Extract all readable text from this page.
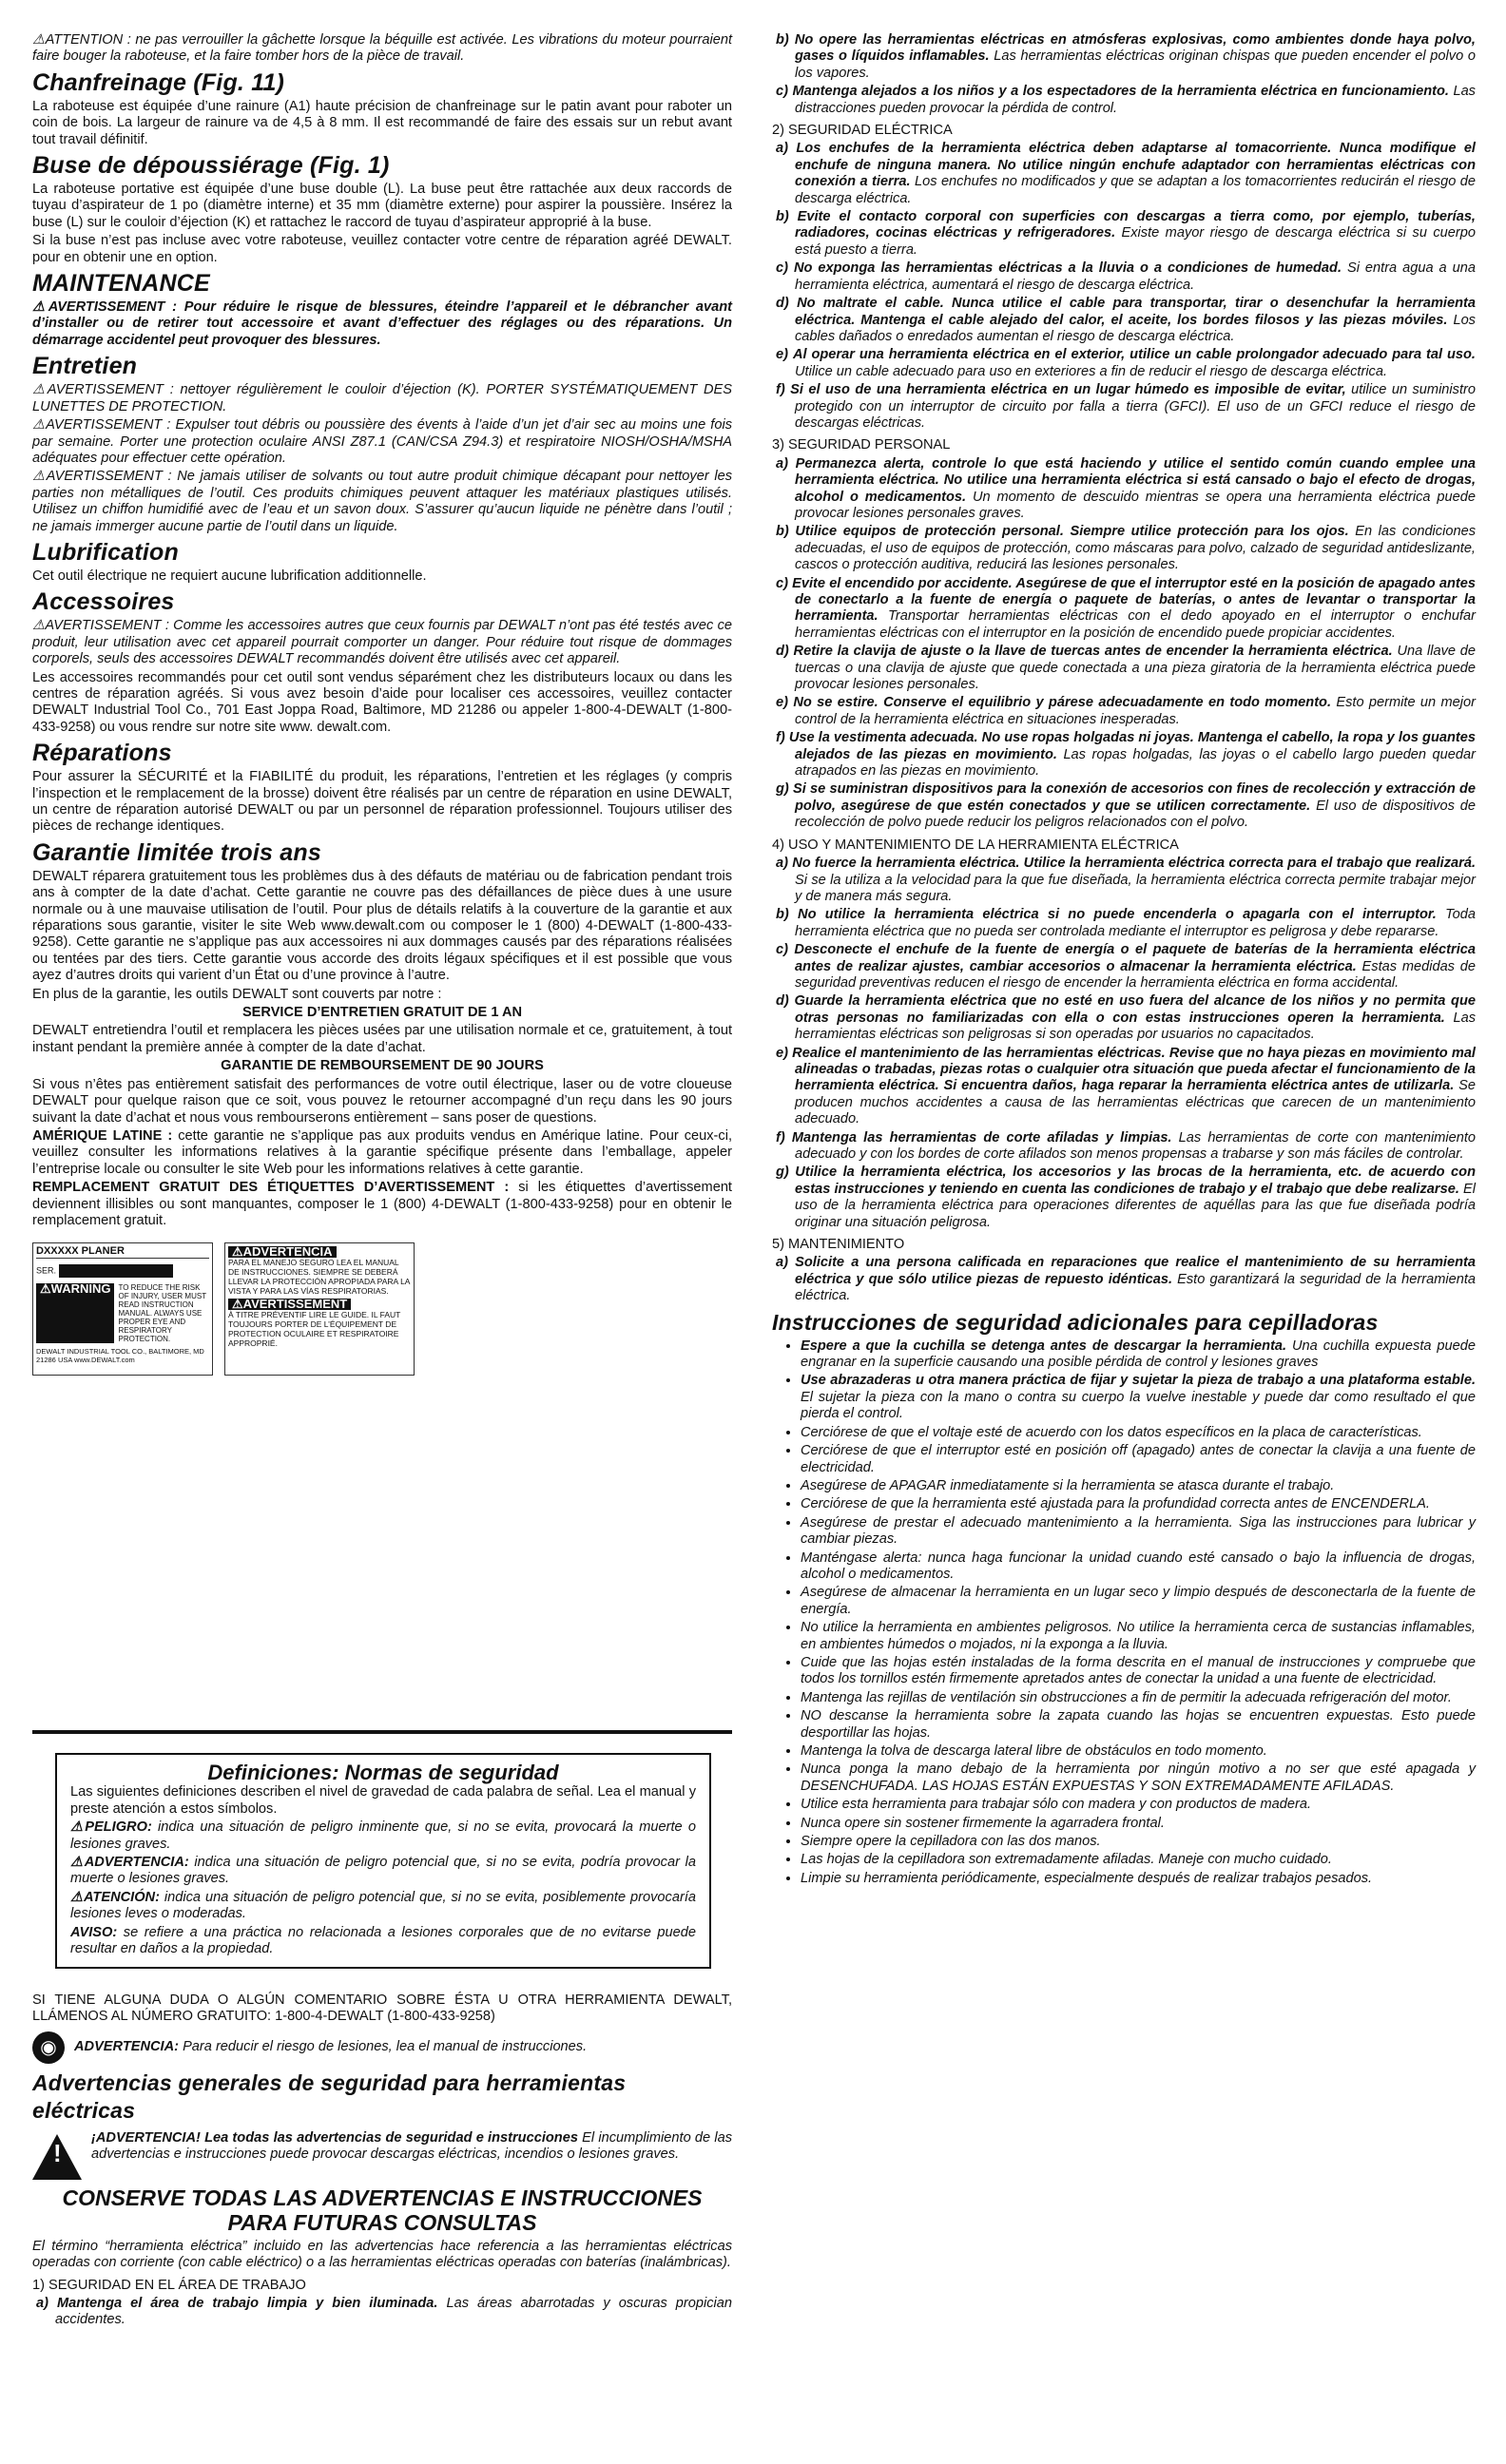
⚠ATTENTION : ne pas verrouiller la gâchette lorsque la béquille est activée. Les vibrations du moteur pourraient faire bouger la raboteuse, et la faire tomber hors de la pièce de travail.

Chanfreinage (Fig. 11)

La raboteuse est équipée d’une rainure (A1) haute précision de chanfreinage sur le patin avant pour raboter un coin de bois. La largeur de rainure va de 4,5 à 8 mm. Il est recommandé de faire des essais sur un rebut avant tout travail définitif.

Buse de dépoussiérage (Fig. 1)

La raboteuse portative est équipée d’une buse double (L). La buse peut être rattachée aux deux raccords de tuyau d’aspirateur de 1 po (diamètre interne) et 35 mm (diamètre externe) pour aspirer la poussière. Insérez la buse (L) sur le couloir d’éjection (K) et rattachez le raccord de tuyau d’aspirateur approprié à la buse.

Si la buse n’est pas incluse avec votre raboteuse, veuillez contacter votre centre de réparation agréé DEWALT. pour en obtenir une en option.

MAINTENANCE

⚠AVERTISSEMENT : Pour réduire le risque de blessures, éteindre l’appareil et le débrancher avant d’installer ou de retirer tout accessoire et avant d’effectuer des réglages ou des réparations. Un démarrage accidentel peut provoquer des blessures.

Entretien

⚠AVERTISSEMENT : nettoyer régulièrement le couloir d’éjection (K). PORTER SYSTÉMATIQUEMENT DES LUNETTES DE PROTECTION.

⚠AVERTISSEMENT : Expulser tout débris ou poussière des évents à l’aide d’un jet d’air sec au moins une fois par semaine. Porter une protection oculaire ANSI Z87.1 (CAN/CSA Z94.3) et respiratoire NIOSH/OSHA/MSHA adéquates pour effectuer cette opération.

⚠AVERTISSEMENT : Ne jamais utiliser de solvants ou tout autre produit chimique décapant pour nettoyer les parties non métalliques de l’outil. Ces produits chimiques peuvent attaquer les matériaux plastiques utilisés. Utilisez un chiffon humidifié avec de l’eau et un savon doux. S’assurer qu’aucun liquide ne pénètre dans l’outil ; ne jamais immerger aucune partie de l’outil dans un liquide.

Lubrification

Cet outil électrique ne requiert aucune lubrification additionnelle.

Accessoires

⚠AVERTISSEMENT : Comme les accessoires autres que ceux fournis par DEWALT n’ont pas été testés avec ce produit, leur utilisation avec cet appareil pourrait comporter un danger. Pour réduire tout risque de dommages corporels, seuls des accessoires DEWALT recommandés doivent être utilisés avec cet appareil.

Les accessoires recommandés pour cet outil sont vendus séparément chez les distributeurs locaux ou dans les centres de réparation agréés. Si vous avez besoin d’aide pour localiser ces accessoires, veuillez contacter DEWALT Industrial Tool Co., 701 East Joppa Road, Baltimore, MD 21286 ou appeler 1-800-4-DEWALT (1-800-433-9258) ou vous rendre sur notre site www. dewalt.com.

Réparations

Pour assurer la SÉCURITÉ et la FIABILITÉ du produit, les réparations, l’entretien et les réglages (y compris l’inspection et le remplacement de la brosse) doivent être réalisés par un centre de réparation en usine DEWALT, un centre de réparation autorisé DEWALT ou par un personnel de réparation professionnel. Toujours utiliser des pièces de rechange identiques.

Garantie limitée trois ans

DEWALT réparera gratuitement tous les problèmes dus à des défauts de matériau ou de fabrication pendant trois ans à compter de la date d’achat. Cette garantie ne couvre pas des défaillances de pièce dues à une usure normale ou à une mauvaise utilisation de l’outil. Pour plus de détails relatifs à la couverture de la garantie et aux réparations sous garantie, visiter le site Web www.dewalt.com ou composer le 1 (800) 4-DEWALT (1-800-433-9258). Cette garantie ne s’applique pas aux accessoires ni aux dommages causés par des réparations réalisées ou tentées par des tiers. Cette garantie vous accorde des droits légaux spécifiques et il est possible que vous ayez d’autres droits qui varient d’un État ou d’une province à l’autre.

En plus de la garantie, les outils DEWALT sont couverts par notre :

SERVICE D’ENTRETIEN GRATUIT DE 1 AN

DEWALT entretiendra l’outil et remplacera les pièces usées par une utilisation normale et ce, gratuitement, à tout instant pendant la première année à compter de la date d’achat.

GARANTIE DE REMBOURSEMENT DE 90 JOURS

Si vous n’êtes pas entièrement satisfait des performances de votre outil électrique, laser ou de votre cloueuse DEWALT pour quelque raison que ce soit, vous pouvez le retourner accompagné d’un reçu dans les 90 jours suivant la date d’achat et nous vous rembourserons entièrement – sans poser de questions.

AMÉRIQUE LATINE : cette garantie ne s’applique pas aux produits vendus en Amérique latine. Pour ceux-ci, veuillez consulter les informations relatives à la garantie spécifique présente dans l’emballage, appeler l’entreprise locale ou consulter le site Web pour les informations relatives à cette garantie.

REMPLACEMENT GRATUIT DES ÉTIQUETTES D’AVERTISSEMENT : si les étiquettes d’avertissement deviennent illisibles ou sont manquantes, composer le 1 (800) 4-DEWALT (1-800-433-9258) pour en obtenir le remplacement gratuit.

DXXXXX PLANER
SER.
⚠WARNING	TO REDUCE THE RISK OF INJURY, USER MUST READ INSTRUCTION MANUAL. ALWAYS USE PROPER EYE AND RESPIRATORY PROTECTION.
DEWALT INDUSTRIAL TOOL CO., BALTIMORE, MD 21286 USA www.DEWALT.com
⚠ADVERTENCIA
PARA EL MANEJO SEGURO LEA EL MANUAL DE INSTRUCCIONES. SIEMPRE SE DEBERÁ LLEVAR LA PROTECCIÓN APROPIADA PARA LA VISTA Y PARA LAS VÍAS RESPIRATORIAS.
⚠AVERTISSEMENT
À TITRE PRÉVENTIF LIRE LE GUIDE. IL FAUT TOUJOURS PORTER DE L’ÉQUIPEMENT DE PROTECTION OCULAIRE ET RESPIRATOIRE APPROPRIÉ.
Definiciones: Normas de seguridad

Las siguientes definiciones describen el nivel de gravedad de cada palabra de señal. Lea el manual y preste atención a estos símbolos.

⚠PELIGRO: indica una situación de peligro inminente que, si no se evita, provocará la muerte o lesiones graves.

⚠ADVERTENCIA: indica una situación de peligro potencial que, si no se evita, podría provocar la muerte o lesiones graves.

⚠ATENCIÓN: indica una situación de peligro potencial que, si no se evita, posiblemente provocaría lesiones leves o moderadas.

AVISO: se refiere a una práctica no relacionada a lesiones corporales que de no evitarse puede resultar en daños a la propiedad.

SI TIENE ALGUNA DUDA O ALGÚN COMENTARIO SOBRE ÉSTA U OTRA HERRAMIENTA DEWALT, LLÁMENOS AL NÚMERO GRATUITO: 1-800-4-DEWALT (1-800-433-9258)

◉	ADVERTENCIA: Para reducir el riesgo de lesiones, lea el manual de instrucciones.

Advertencias generales de seguridad para herramientas eléctricas
!

¡ADVERTENCIA! Lea todas las advertencias de seguridad e instrucciones El incumplimiento de las advertencias e instrucciones puede provocar descargas eléctricas, incendios o lesiones graves.

CONSERVE TODAS LAS ADVERTENCIAS E INSTRUCCIONES PARA FUTURAS CONSULTAS

El término “herramienta eléctrica” incluido en las advertencias hace referencia a las herramientas eléctricas operadas con corriente (con cable eléctrico) o a las herramientas eléctricas operadas con baterías (inalámbricas).

1) SEGURIDAD EN EL ÁREA DE TRABAJO
a) Mantenga el área de trabajo limpia y bien iluminada. Las áreas abarrotadas y oscuras propician accidentes.
b) No opere las herramientas eléctricas en atmósferas explosivas, como ambientes donde haya polvo, gases o líquidos inflamables. Las herramientas eléctricas originan chispas que pueden encender el polvo o los vapores.
c) Mantenga alejados a los niños y a los espectadores de la herramienta eléctrica en funcionamiento. Las distracciones pueden provocar la pérdida de control.
2) SEGURIDAD ELÉCTRICA
a) Los enchufes de la herramienta eléctrica deben adaptarse al tomacorriente. Nunca modifique el enchufe de ninguna manera. No utilice ningún enchufe adaptador con herramientas eléctricas con conexión a tierra. Los enchufes no modificados y que se adaptan a los tomacorrientes reducirán el riesgo de descarga eléctrica.
b) Evite el contacto corporal con superficies con descargas a tierra como, por ejemplo, tuberías, radiadores, cocinas eléctricas y refrigeradores. Existe mayor riesgo de descarga eléctrica si su cuerpo está puesto a tierra.
c) No exponga las herramientas eléctricas a la lluvia o a condiciones de humedad. Si entra agua a una herramienta eléctrica, aumentará el riesgo de descarga eléctrica.
d) No maltrate el cable. Nunca utilice el cable para transportar, tirar o desenchufar la herramienta eléctrica. Mantenga el cable alejado del calor, el aceite, los bordes filosos y las piezas móviles. Los cables dañados o enredados aumentan el riesgo de descarga eléctrica.
e) Al operar una herramienta eléctrica en el exterior, utilice un cable prolongador adecuado para tal uso. Utilice un cable adecuado para uso en exteriores a fin de reducir el riesgo de descarga eléctrica.
f) Si el uso de una herramienta eléctrica en un lugar húmedo es imposible de evitar, utilice un suministro protegido con un interruptor de circuito por falla a tierra (GFCI). El uso de un GFCI reduce el riesgo de descargas eléctricas.
3) SEGURIDAD PERSONAL
a) Permanezca alerta, controle lo que está haciendo y utilice el sentido común cuando emplee una herramienta eléctrica. No utilice una herramienta eléctrica si está cansado o bajo el efecto de drogas, alcohol o medicamentos. Un momento de descuido mientras se opera una herramienta eléctrica puede provocar lesiones personales graves.
b) Utilice equipos de protección personal. Siempre utilice protección para los ojos. En las condiciones adecuadas, el uso de equipos de protección, como máscaras para polvo, calzado de seguridad antideslizante, cascos o protección auditiva, reducirá las lesiones personales.
c) Evite el encendido por accidente. Asegúrese de que el interruptor esté en la posición de apagado antes de conectarlo a la fuente de energía o paquete de baterías, o antes de levantar o transportar la herramienta. Transportar herramientas eléctricas con el dedo apoyado en el interruptor o enchufar herramientas eléctricas con el interruptor en la posición de encendido puede propiciar accidentes.
d) Retire la clavija de ajuste o la llave de tuercas antes de encender la herramienta eléctrica. Una llave de tuercas o una clavija de ajuste que quede conectada a una pieza giratoria de la herramienta eléctrica puede provocar lesiones personales.
e) No se estire. Conserve el equilibrio y párese adecuadamente en todo momento. Esto permite un mejor control de la herramienta eléctrica en situaciones inesperadas.
f) Use la vestimenta adecuada. No use ropas holgadas ni joyas. Mantenga el cabello, la ropa y los guantes alejados de las piezas en movimiento. Las ropas holgadas, las joyas o el cabello largo pueden quedar atrapados en las piezas en movimiento.
g) Si se suministran dispositivos para la conexión de accesorios con fines de recolección y extracción de polvo, asegúrese de que estén conectados y que se utilicen correctamente. El uso de dispositivos de recolección de polvo puede reducir los peligros relacionados con el polvo.
4) USO Y MANTENIMIENTO DE LA HERRAMIENTA ELÉCTRICA
a) No fuerce la herramienta eléctrica. Utilice la herramienta eléctrica correcta para el trabajo que realizará. Si se la utiliza a la velocidad para la que fue diseñada, la herramienta eléctrica correcta permite trabajar mejor y de manera más segura.
b) No utilice la herramienta eléctrica si no puede encenderla o apagarla con el interruptor. Toda herramienta eléctrica que no pueda ser controlada mediante el interruptor es peligrosa y debe repararse.
c) Desconecte el enchufe de la fuente de energía o el paquete de baterías de la herramienta eléctrica antes de realizar ajustes, cambiar accesorios o almacenar la herramienta eléctrica. Estas medidas de seguridad preventivas reducen el riesgo de encender la herramienta eléctrica en forma accidental.
d) Guarde la herramienta eléctrica que no esté en uso fuera del alcance de los niños y no permita que otras personas no familiarizadas con ella o con estas instrucciones operen la herramienta. Las herramientas eléctricas son peligrosas si son operadas por usuarios no capacitados.
e) Realice el mantenimiento de las herramientas eléctricas. Revise que no haya piezas en movimiento mal alineadas o trabadas, piezas rotas o cualquier otra situación que pueda afectar el funcionamiento de la herramienta eléctrica. Si encuentra daños, haga reparar la herramienta eléctrica antes de utilizarla. Se producen muchos accidentes a causa de las herramientas eléctricas que carecen de un mantenimiento adecuado.
f) Mantenga las herramientas de corte afiladas y limpias. Las herramientas de corte con mantenimiento adecuado y con los bordes de corte afilados son menos propensas a trabarse y son más fáciles de controlar.
g) Utilice la herramienta eléctrica, los accesorios y las brocas de la herramienta, etc. de acuerdo con estas instrucciones y teniendo en cuenta las condiciones de trabajo y el trabajo que debe realizarse. El uso de la herramienta eléctrica para operaciones diferentes de aquéllas para las que fue diseñada podría originar una situación peligrosa.
5) MANTENIMIENTO
a) Solicite a una persona calificada en reparaciones que realice el mantenimiento de su herramienta eléctrica y que sólo utilice piezas de repuesto idénticas. Esto garantizará la seguridad de la herramienta eléctrica.
Instrucciones de seguridad adicionales para cepilladoras
• Espere a que la cuchilla se detenga antes de descargar la herramienta. Una cuchilla expuesta puede engranar en la superficie causando una posible pérdida de control y lesiones graves
• Use abrazaderas u otra manera práctica de fijar y sujetar la pieza de trabajo a una plataforma estable. El sujetar la pieza con la mano o contra su cuerpo la vuelve inestable y puede dar como resultado el que pierda el control.
• Cerciórese de que el voltaje esté de acuerdo con los datos específicos en la placa de características.
• Cerciórese de que el interruptor esté en posición off (apagado) antes de conectar la clavija a una fuente de electricidad.
• Asegúrese de APAGAR inmediatamente si la herramienta se atasca durante el trabajo.
• Cerciórese de que la herramienta esté ajustada para la profundidad correcta antes de ENCENDERLA.
• Asegúrese de prestar el adecuado mantenimiento a la herramienta. Siga las instrucciones para lubricar y cambiar piezas.
• Manténgase alerta: nunca haga funcionar la unidad cuando esté cansado o bajo la influencia de drogas, alcohol o medicamentos.
• Asegúrese de almacenar la herramienta en un lugar seco y limpio después de desconectarla de la fuente de energía.
• No utilice la herramienta en ambientes peligrosos. No utilice la herramienta cerca de sustancias inflamables, en ambientes húmedos o mojados, ni la exponga a la lluvia.
• Cuide que las hojas estén instaladas de la forma descrita en el manual de instrucciones y compruebe que todos los tornillos estén firmemente apretados antes de conectar la unidad a una fuente de electricidad.
• Mantenga las rejillas de ventilación sin obstrucciones a fin de permitir la adecuada refrigeración del motor.
• NO descanse la herramienta sobre la zapata cuando las hojas se encuentren expuestas. Esto puede desportillar las hojas.
• Mantenga la tolva de descarga lateral libre de obstáculos en todo momento.
• Nunca ponga la mano debajo de la herramienta por ningún motivo a no ser que esté apagada y DESENCHUFADA. LAS HOJAS ESTÁN EXPUESTAS Y SON EXTREMADAMENTE AFILADAS.
• Utilice esta herramienta para trabajar sólo con madera y con productos de madera.
• Nunca opere sin sostener firmemente la agarradera frontal.
• Siempre opere la cepilladora con las dos manos.
• Las hojas de la cepilladora son extremadamente afiladas. Maneje con mucho cuidado.
• Limpie su herramienta periódicamente, especialmente después de realizar trabajos pesados.
